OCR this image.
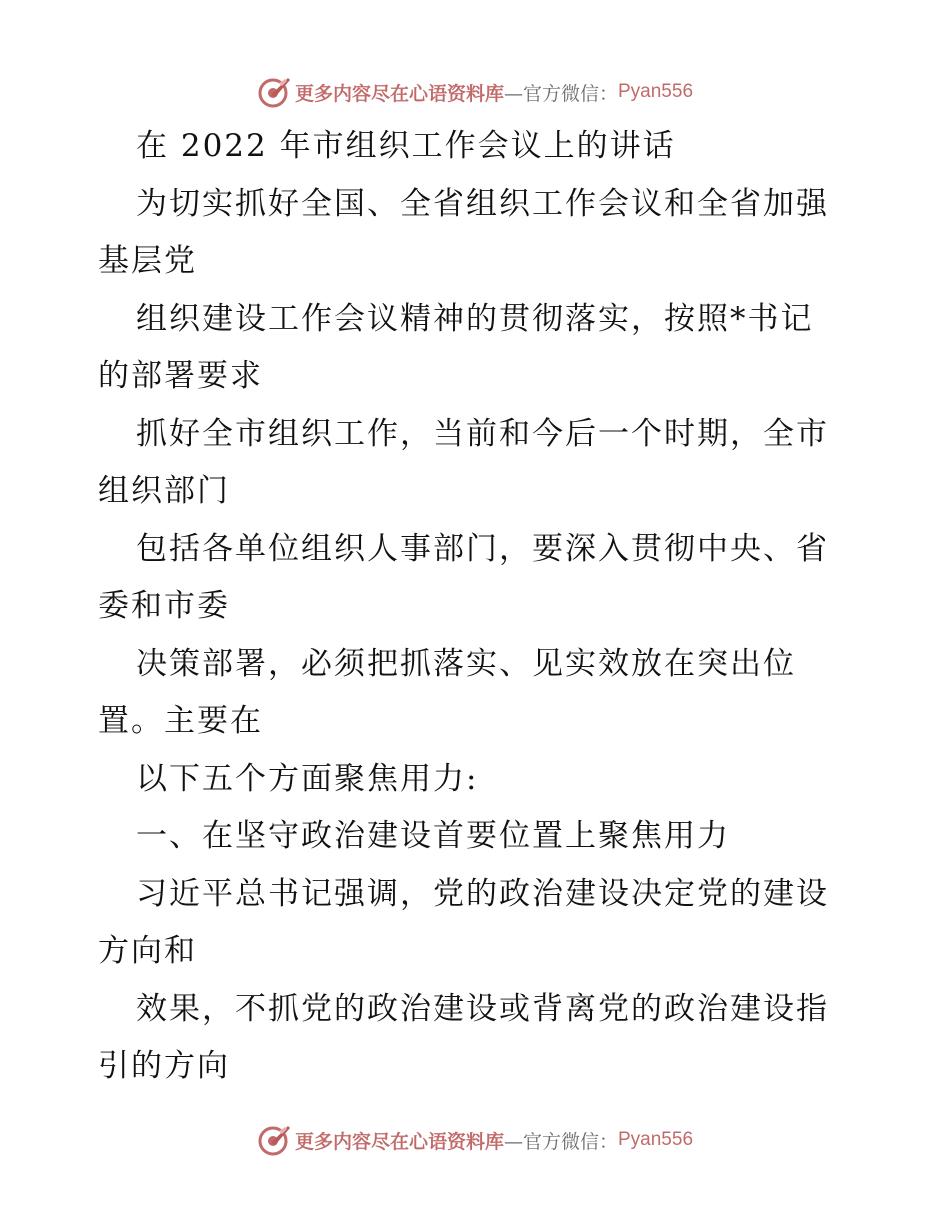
更多内容尽在心语资料库 —官方微信： Pyan556
在 2022 年市组织工作会议上的讲话
为切实抓好全国、全省组织工作会议和全省加强
基层党
组织建设工作会议精神的贯彻落实，按照*书记
的部署要求
抓好全市组织工作，当前和今后一个时期，全市
组织部门
包括各单位组织人事部门，要深入贯彻中央、省
委和市委
决策部署，必须把抓落实、见实效放在突出位
置。主要在
以下五个方面聚焦用力:
一、在坚守政治建设首要位置上聚焦用力
习近平总书记强调，党的政治建设决定党的建设
方向和
效果，不抓党的政治建设或背离党的政治建设指
引的方向
更多内容尽在心语资料库 —官方微信： Pyan556
